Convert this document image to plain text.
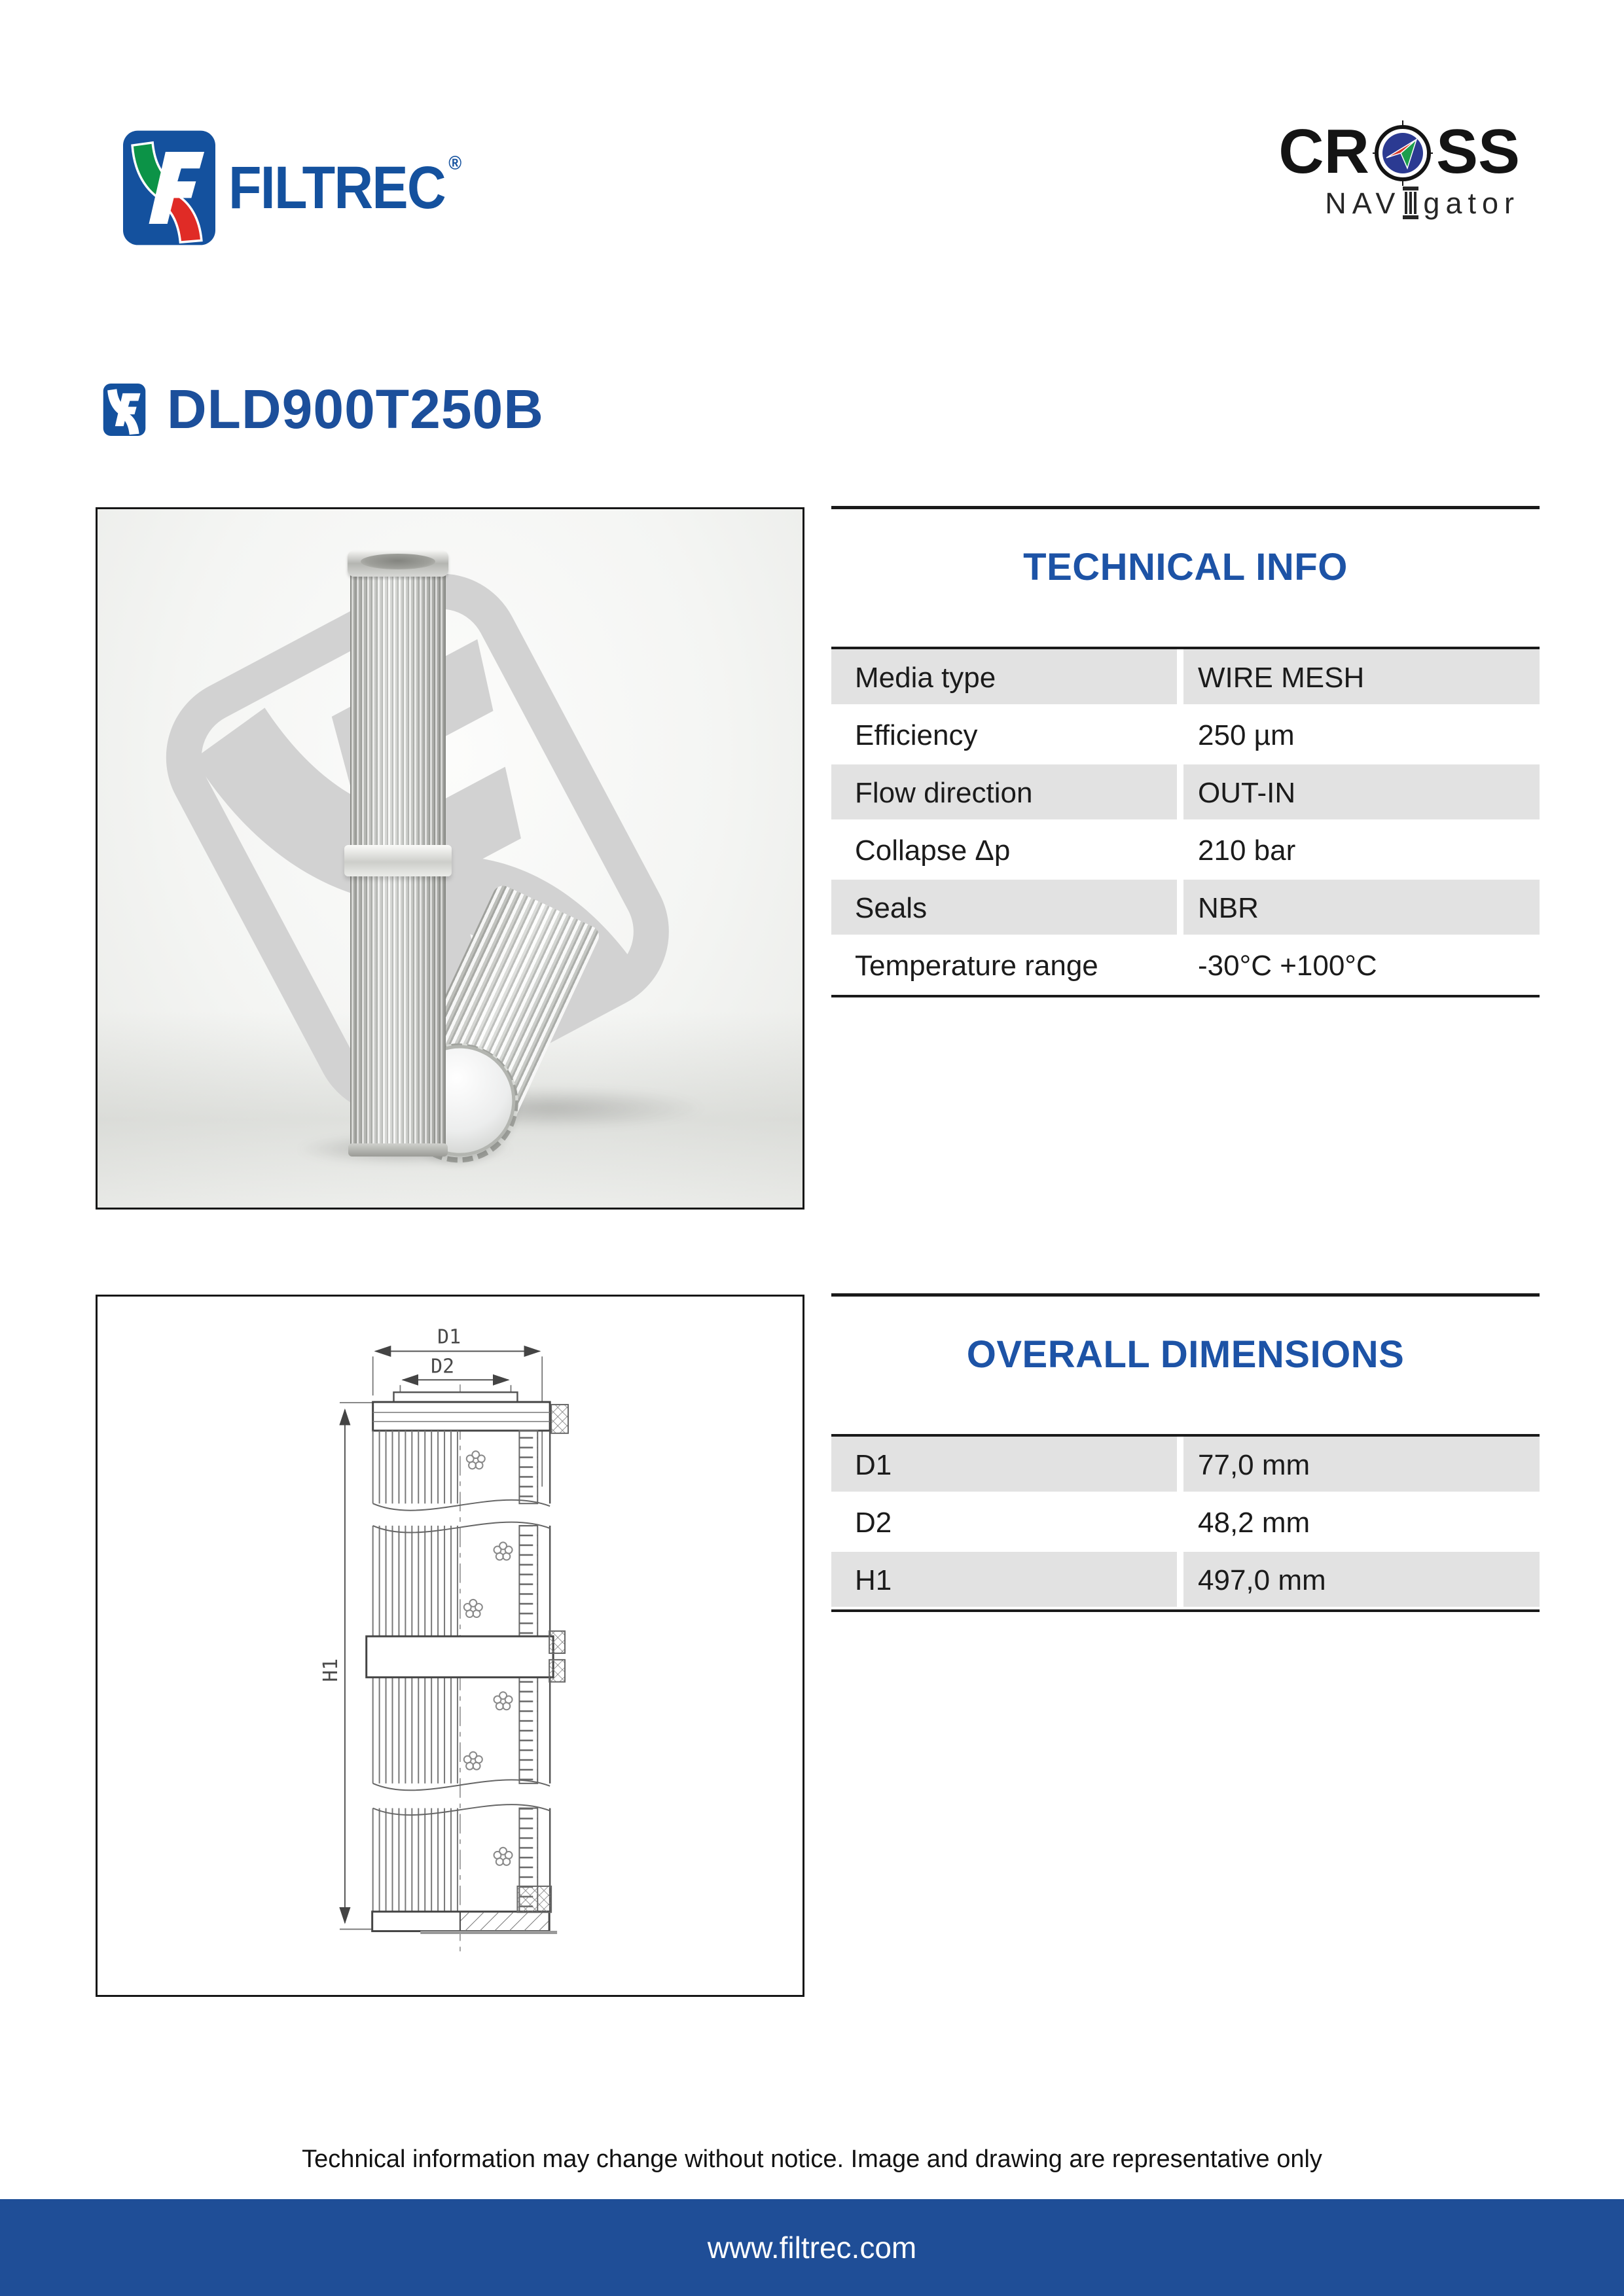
FILTREC ®	CR SS
NAV gator
DLD900T250B
TECHNICAL INFO
Media type	WIRE MESH
Efficiency	250 µm
Flow direction	OUT-IN
Collapse Δp	210 bar
Seals	NBR
Temperature range	-30°C +100°C
H1
D1
D2	OVERALL DIMENSIONS
D1	77,0 mm
D2	48,2 mm
H1	497,0 mm
Technical information may change without notice. Image and drawing are representative only
www.filtrec.com
